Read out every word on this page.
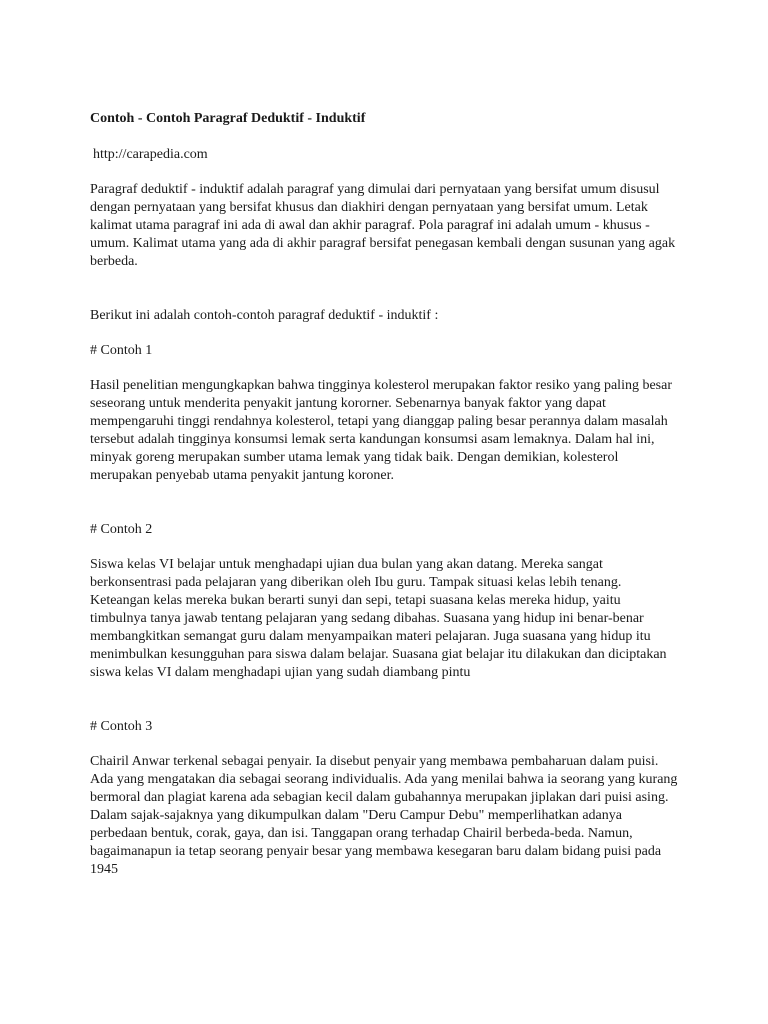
Contoh - Contoh Paragraf Deduktif - Induktif

http://carapedia.com

Paragraf deduktif - induktif adalah paragraf yang dimulai dari pernyataan yang bersifat umum disusul dengan pernyataan yang bersifat khusus dan diakhiri dengan pernyataan yang bersifat umum. Letak kalimat utama paragraf ini ada di awal dan akhir paragraf. Pola paragraf ini adalah umum - khusus - umum. Kalimat utama yang ada di akhir paragraf bersifat penegasan kembali dengan susunan yang agak berbeda.

Berikut ini adalah contoh-contoh paragraf deduktif - induktif :

# Contoh 1

Hasil penelitian mengungkapkan bahwa tingginya kolesterol merupakan faktor resiko yang paling besar seseorang untuk menderita penyakit jantung kororner. Sebenarnya banyak faktor yang dapat mempengaruhi tinggi rendahnya kolesterol, tetapi yang dianggap paling besar perannya dalam masalah tersebut adalah tingginya konsumsi lemak serta kandungan konsumsi asam lemaknya. Dalam hal ini, minyak goreng merupakan sumber utama lemak yang tidak baik. Dengan demikian, kolesterol merupakan penyebab utama penyakit jantung koroner.

# Contoh 2

Siswa kelas VI belajar untuk menghadapi ujian dua bulan yang akan datang. Mereka sangat berkonsentrasi pada pelajaran yang diberikan oleh Ibu guru. Tampak situasi kelas lebih tenang. Keteangan kelas mereka bukan berarti sunyi dan sepi, tetapi suasana kelas mereka hidup, yaitu timbulnya tanya jawab tentang pelajaran yang sedang dibahas. Suasana yang hidup ini benar-benar membangkitkan semangat guru dalam menyampaikan materi pelajaran. Juga suasana yang hidup itu menimbulkan kesungguhan para siswa dalam belajar. Suasana giat belajar itu dilakukan dan diciptakan siswa kelas VI dalam menghadapi ujian yang sudah diambang pintu

# Contoh 3

Chairil Anwar terkenal sebagai penyair. Ia disebut penyair yang membawa pembaharuan dalam puisi. Ada yang mengatakan dia sebagai seorang individualis. Ada yang menilai bahwa ia seorang yang kurang bermoral dan plagiat karena ada sebagian kecil dalam gubahannya merupakan jiplakan dari puisi asing. Dalam sajak-sajaknya yang dikumpulkan dalam "Deru Campur Debu" memperlihatkan adanya perbedaan bentuk, corak, gaya, dan isi. Tanggapan orang terhadap Chairil berbeda-beda. Namun, bagaimanapun ia tetap seorang penyair besar yang membawa kesegaran baru dalam bidang puisi pada 1945
